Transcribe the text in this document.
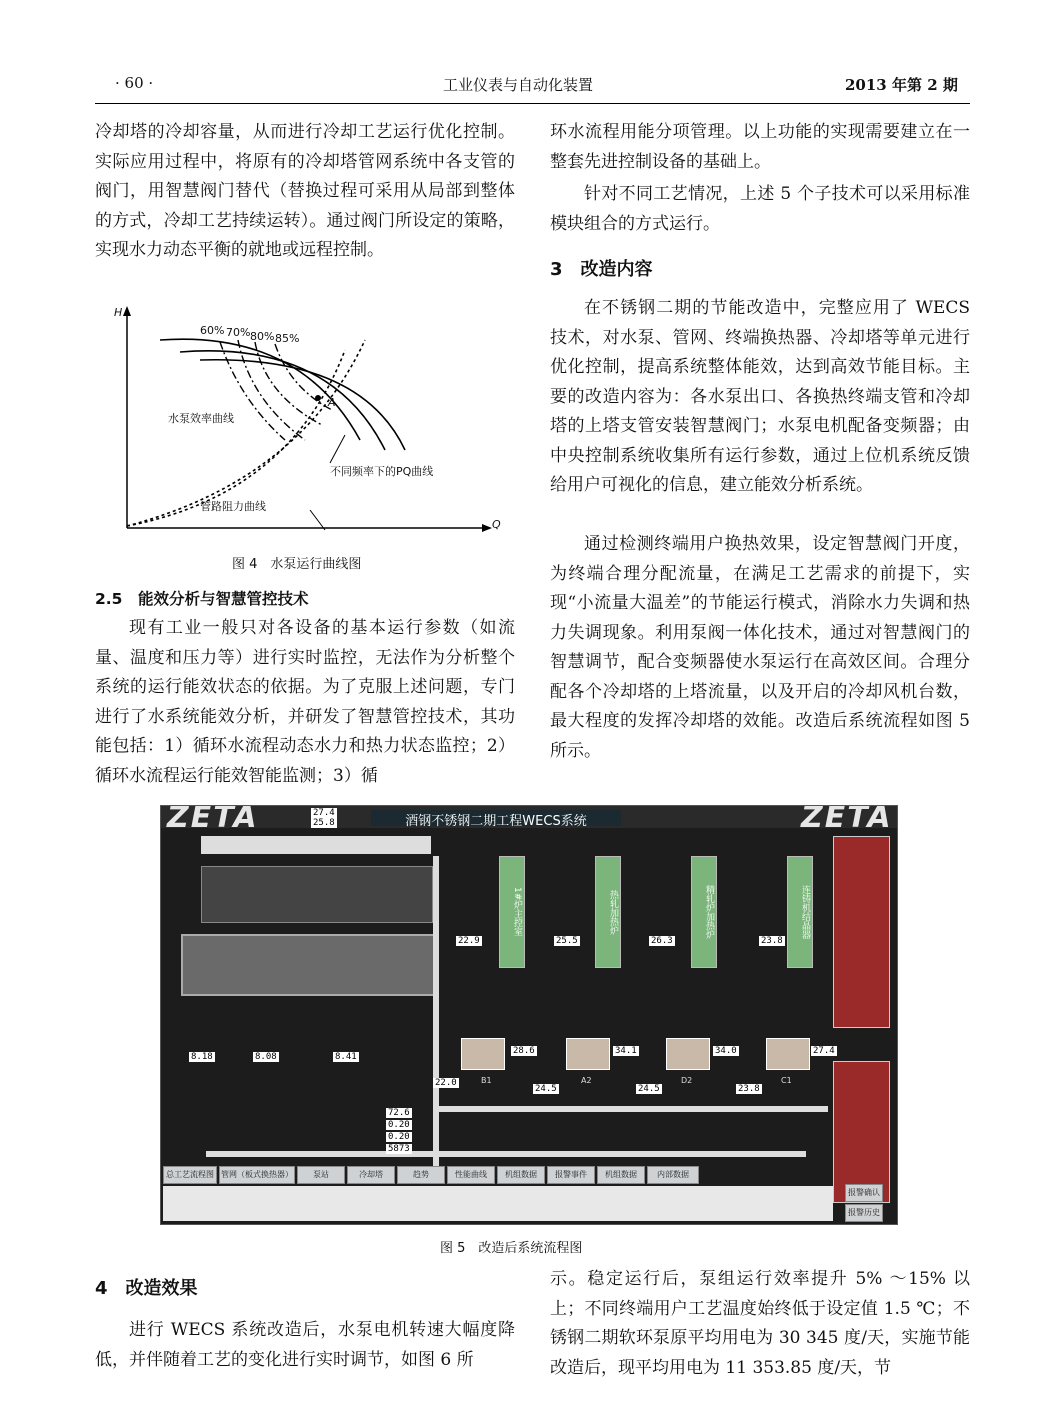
· 60 ·	工业仪表与自动化装置	2013 年第 2 期

冷却塔的冷却容量，从而进行冷却工艺运行优化控制。实际应用过程中，将原有的冷却塔管网系统中各支管的阀门，用智慧阀门替代（替换过程可采用从局部到整体的方式，冷却工艺持续运转）。通过阀门所设定的策略，实现水力动态平衡的就地或远程控制。

H
Q
60% 70% 80% 85%
A
水泵效率曲线
不同频率下的PQ曲线
管路阻力曲线
图 4　水泵运行曲线图
2.5　能效分析与智慧管控技术

现有工业一般只对各设备的基本运行参数（如流量、温度和压力等）进行实时监控，无法作为分析整个系统的运行能效状态的依据。为了克服上述问题，专门进行了水系统能效分析，并研发了智慧管控技术，其功能包括：1）循环水流程动态水力和热力状态监控；2）循环水流程运行能效智能监测；3）循

环水流程用能分项管理。以上功能的实现需要建立在一整套先进控制设备的基础上。

针对不同工艺情况，上述 5 个子技术可以采用标准模块组合的方式运行。

3　改造内容

在不锈钢二期的节能改造中，完整应用了 WECS 技术，对水泵、管网、终端换热器、冷却塔等单元进行优化控制，提高系统整体能效，达到高效节能目标。主要的改造内容为：各水泵出口、各换热终端支管和冷却塔的上塔支管安装智慧阀门；水泵电机配备变频器；由中央控制系统收集所有运行参数，通过上位机系统反馈给用户可视化的信息，建立能效分析系统。

通过检测终端用户换热效果，设定智慧阀门开度，为终端合理分配流量，在满足工艺需求的前提下，实现“小流量大温差”的节能运行模式，消除水力失调和热力失调现象。利用泵阀一体化技术，通过对智慧阀门的智慧调节，配合变频器使水泵运行在高效区间。合理分配各个冷却塔的上塔流量，以及开启的冷却风机台数，最大程度的发挥冷却塔的效能。改造后系统流程如图 5 所示。

ZETA	ZETA
27.4
25.8	酒钢不锈钢二期工程WECS系统
1#炉主控室	热轧加热炉	精轧炉加热炉	连铸机结晶器
22.9	25.5	26.3	23.8
28.6	34.1	34.0	27.4
22.0
24.5	24.5	23.8
B1	A2	D2	C1
8.18	8.08	8.41
72.6
0.20
0.20
5873
总工艺流程图 管网（板式换热器）	泵站	冷却塔	趋势	性能曲线	机组数据	报警事件	机组数据	内部数据
报警确认
报警历史
图 5　改造后系统流程图
4　改造效果

进行 WECS 系统改造后，水泵电机转速大幅度降低，并伴随着工艺的变化进行实时调节，如图 6 所

示。稳定运行后，泵组运行效率提升 5% ～15% 以上；不同终端用户工艺温度始终低于设定值 1.5 ℃；不锈钢二期软环泵原平均用电为 30 345 度/天，实施节能改造后，现平均用电为 11 353.85 度/天，节
